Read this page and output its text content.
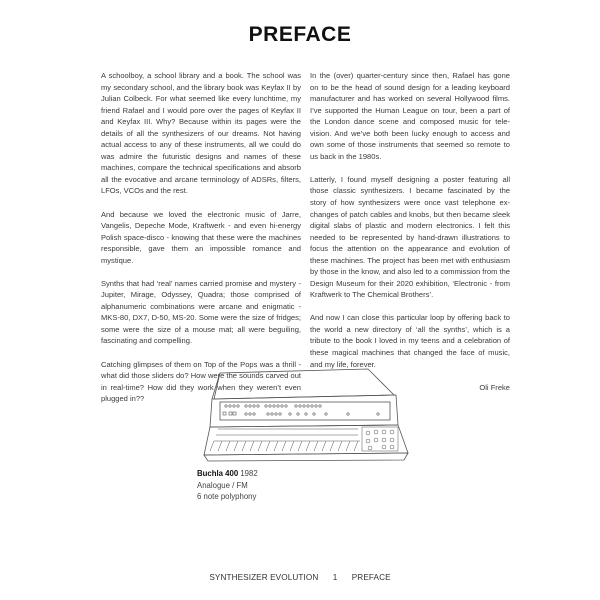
PREFACE

A schoolboy, a school library and a book. The school was my secondary school, and the library book was Keyfax II by Julian Colbeck. For what seemed like every lunchtime, my friend Rafael and I would pore over the pages of Keyfax II and Keyfax III. Why? Because within its pages were the details of all the synthesizers of our dreams. Not having actual access to any of these instruments, all we could do was admire the futuristic designs and names of these machines, compare the technical specifications and absorb all the evocative and arcane terminology of ADSRs, filters, LFOs, VCOs and the rest.

And because we loved the electronic music of Jarre, Vangelis, Depeche Mode, Kraftwerk - and even hi-energy Polish space-disco - knowing that these were the machines responsible, gave them an impossible romance and mystique.

Synths that had ‘real’ names carried promise and mystery - Jupiter, Mirage, Odyssey, Quadra; those comprised of alphanumeric combinations were arcane and enigmatic - MKS-80, DX7, D-50, MS-20. Some were the size of fridges; some were the size of a mouse mat; all were beguiling, fascinating and compelling.

Catching glimpses of them on Top of the Pops was a thrill - what did those sliders do? How were the sounds carved out in real-time? How did they work when they weren’t even plugged in??

In the (over) quarter-century since then, Rafael has gone on to be the head of sound design for a leading keyboard manufacturer and has worked on several Hollywood films. I’ve supported the Human League on tour, been a part of the London dance scene and composed music for television. And we’ve both been lucky enough to access and own some of those instruments that seemed so remote to us back in the 1980s.

Latterly, I found myself designing a poster featuring all those classic synthesizers. I became fascinated by the story of how synthesizers were once vast telephone exchanges of patch cables and knobs, but then became sleek digital slabs of plastic and modern electronics. I felt this needed to be represented by hand-drawn illustrations to focus the attention on the appearance and evolution of these machines. The project has been met with enthusiasm by those in the know, and also led to a commission from the Design Museum for their 2020 exhibition, ‘Electronic - from Kraftwerk to The Chemical Brothers’.

And now I can close this particular loop by offering back to the world a new directory of ‘all the synths’, which is a tribute to the book I loved in my teens and a celebration of these magical machines that changed the face of music, and my life, forever.

Oli Freke

Buchla 400 1982
Analogue / FM
6 note polyphony
SYNTHESIZER EVOLUTION 1 PREFACE
